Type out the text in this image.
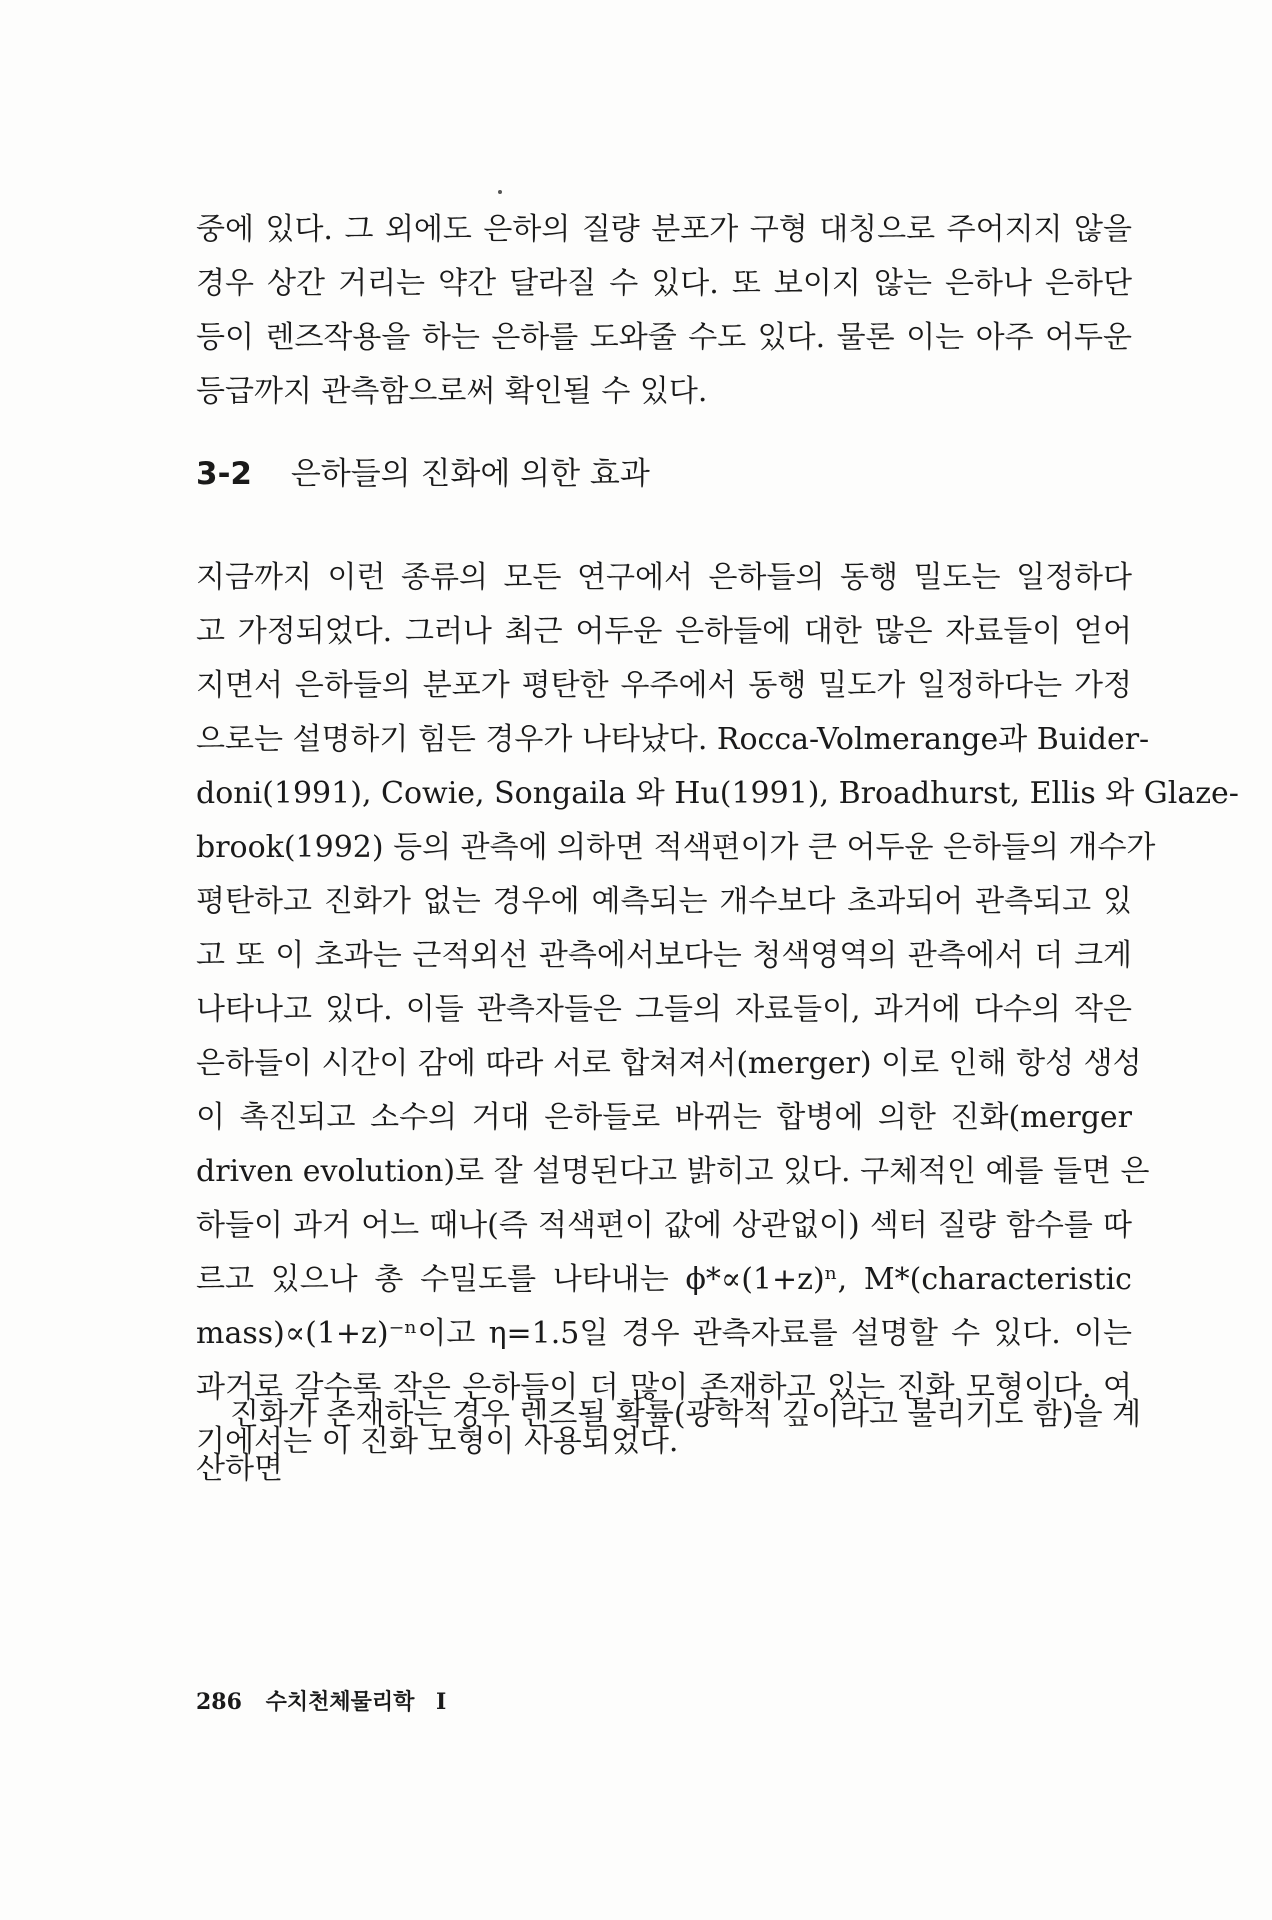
중에 있다. 그 외에도 은하의 질량 분포가 구형 대칭으로 주어지지 않을
경우 상간 거리는 약간 달라질 수 있다. 또 보이지 않는 은하나 은하단
등이 렌즈작용을 하는 은하를 도와줄 수도 있다. 물론 이는 아주 어두운
등급까지 관측함으로써 확인될 수 있다.
3-2 은하들의 진화에 의한 효과
지금까지 이런 종류의 모든 연구에서 은하들의 동행 밀도는 일정하다
고 가정되었다. 그러나 최근 어두운 은하들에 대한 많은 자료들이 얻어
지면서 은하들의 분포가 평탄한 우주에서 동행 밀도가 일정하다는 가정
으로는 설명하기 힘든 경우가 나타났다. Rocca-Volmerange과 Buider-
doni(1991), Cowie, Songaila 와 Hu(1991), Broadhurst, Ellis 와 Glaze-
brook(1992) 등의 관측에 의하면 적색편이가 큰 어두운 은하들의 개수가
평탄하고 진화가 없는 경우에 예측되는 개수보다 초과되어 관측되고 있
고 또 이 초과는 근적외선 관측에서보다는 청색영역의 관측에서 더 크게
나타나고 있다. 이들 관측자들은 그들의 자료들이, 과거에 다수의 작은
은하들이 시간이 감에 따라 서로 합쳐져서(merger) 이로 인해 항성 생성
이 촉진되고 소수의 거대 은하들로 바뀌는 합병에 의한 진화(merger
driven evolution)로 잘 설명된다고 밝히고 있다. 구체적인 예를 들면 은
하들이 과거 어느 때나(즉 적색편이 값에 상관없이) 섹터 질량 함수를 따
르고 있으나 총 수밀도를 나타내는 ϕ*∝(1+z)ⁿ, M*(characteristic
mass)∝(1+z)⁻ⁿ이고 η=1.5일 경우 관측자료를 설명할 수 있다. 이는
과거로 갈수록 작은 은하들이 더 많이 존재하고 있는 진화 모형이다. 여
기에서는 이 진화 모형이 사용되었다.
진화가 존재하는 경우 렌즈될 확률(광학적 깊이라고 불리기도 함)을 계
산하면
286 수치천체물리학 I
